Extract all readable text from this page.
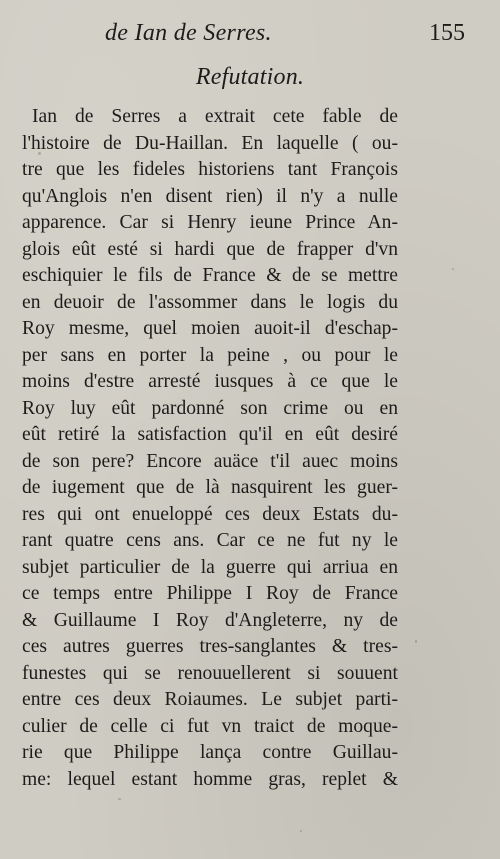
de Ian de Serres.	155
Refutation.
Ian de Serres a extrait cete fable de
l'histoire de Du-Haillan. En laquelle ( ou-
tre que les fideles historiens tant François
qu'Anglois n'en disent rien) il n'y a nulle
apparence. Car si Henry ieune Prince An-
glois eût esté si hardi que de frapper d'vn
eschiquier le fils de France & de se mettre
en deuoir de l'assommer dans le logis du
Roy mesme, quel moien auoit-il d'eschap-
per sans en porter la peine , ou pour le
moins d'estre arresté iusques à ce que le
Roy luy eût pardonné son crime ou en
eût retiré la satisfaction qu'il en eût desiré
de son pere? Encore auäce t'il auec moins
de iugement que de là nasquirent les guer-
res qui ont enueloppé ces deux Estats du-
rant quatre cens ans. Car ce ne fut ny le
subjet particulier de la guerre qui arriua en
ce temps entre Philippe I Roy de France
& Guillaume I Roy d'Angleterre, ny de
ces autres guerres tres-sanglantes & tres-
funestes qui se renouuellerent si souuent
entre ces deux Roiaumes. Le subjet parti-
culier de celle ci fut vn traict de moque-
rie que Philippe lança contre Guillau-
me: lequel estant homme gras, replet &
